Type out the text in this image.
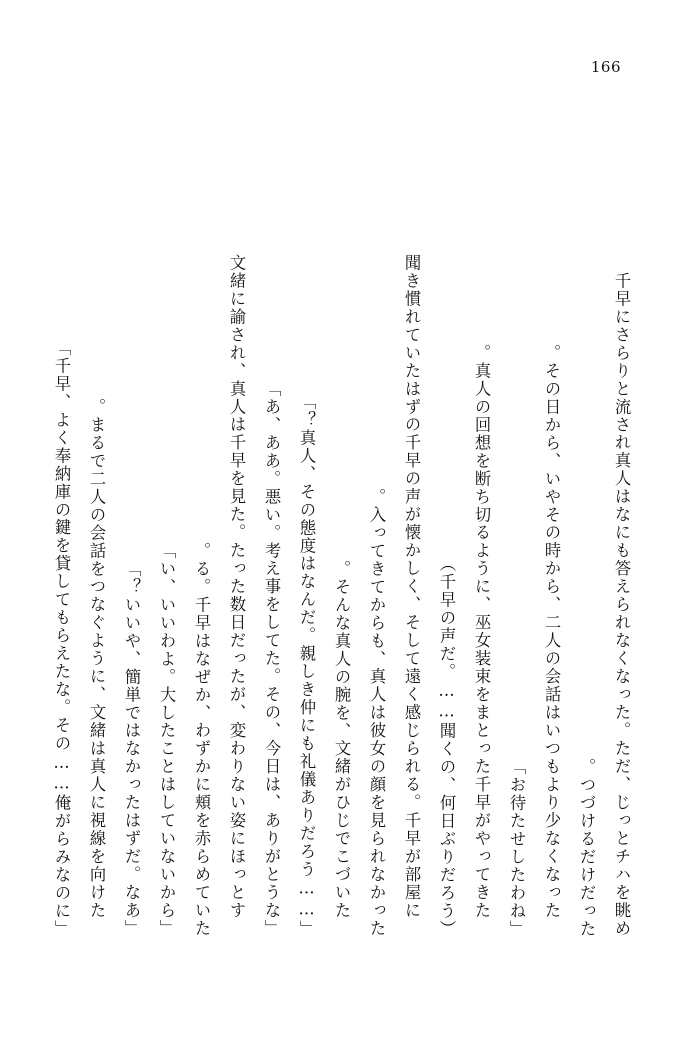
166
千早にさらりと流され真人はなにも答えられなくなった。ただ、じっとチハを眺め
つづけるだけだった。
　その日から、いやその時から、二人の会話はいつもより少なくなった。
「お待たせしたわね」
　真人の回想を断ち切るように、巫女装束をまとった千早がやってきた。
（千早の声だ。……聞くの、何日ぶりだろう）
　聞き慣れていたはずの千早の声が懐かしく、そして遠く感じられる。千早が部屋に
入ってきてからも、真人は彼女の顔を見られなかった。
　そんな真人の腕を、文緒がひじでこづいた。
「……真人、その態度はなんだ。親しき仲にも礼儀ありだろう？」
「あ、ああ。悪い。考え事をしてた。その、今日は、ありがとうな」
　文緒に諭され、真人は千早を見た。たった数日だったが、変わりない姿にほっとす
る。千早はなぜか、わずかに頬を赤らめていた。
「い、いいわよ。大したことはしていないから」
「いいや、簡単ではなかったはずだ。なあ？」
　まるで二人の会話をつなぐように、文緒は真人に視線を向けた。
「千早、よく奉納庫の鍵を貸してもらえたな。その……俺がらみなのに」
